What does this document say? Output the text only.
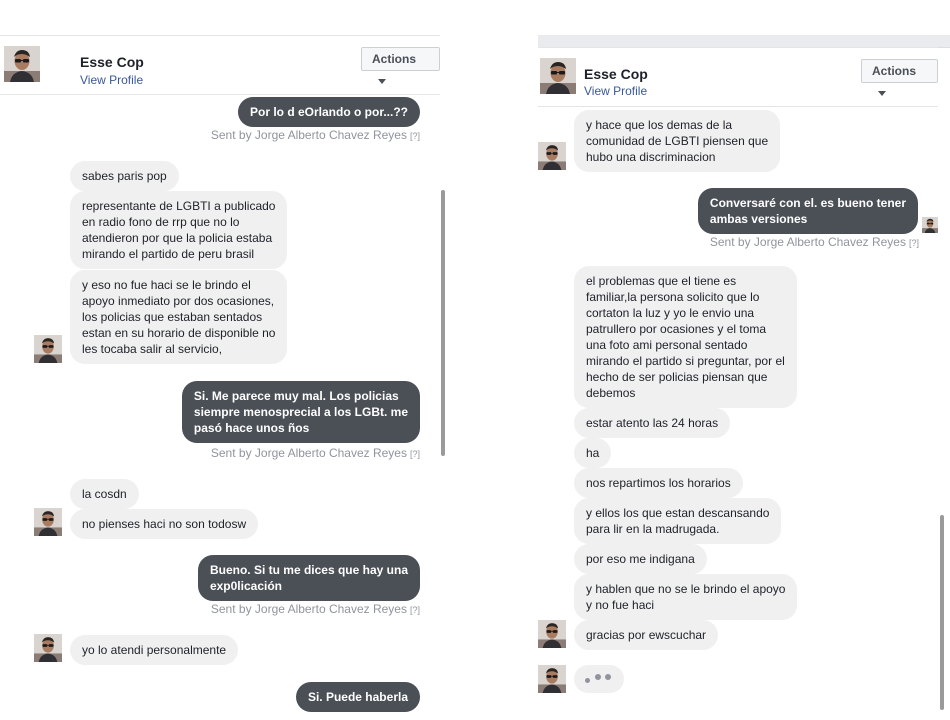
Esse Cop
View Profile
Actions
Por lo d eOrlando o por...??
Sent by Jorge Alberto Chavez Reyes [?]
sabes paris pop
representante de LGBTI a publicado
en radio fono de rrp que no lo
atendieron por que la policia estaba
mirando el partido de peru brasil
y eso no fue haci se le brindo el
apoyo inmediato por dos ocasiones,
los policias que estaban sentados
estan en su horario de disponible no
les tocaba salir al servicio,
Si. Me parece muy mal. Los policias
siempre menosprecial a los LGBt. me
pasó hace unos ños
Sent by Jorge Alberto Chavez Reyes [?]
la cosdn
no pienses haci no son todosw
Bueno. Si tu me dices que hay una
exp0licación
Sent by Jorge Alberto Chavez Reyes [?]
yo lo atendi personalmente
Si. Puede haberla
Esse Cop
View Profile
Actions
y hace que los demas de la
comunidad de LGBTI piensen que
hubo una discriminacion
Conversaré con el. es bueno tener
ambas versiones
Sent by Jorge Alberto Chavez Reyes [?]
el problemas que el tiene es
familiar,la persona solicito que lo
cortaton la luz y yo le envio una
patrullero por ocasiones y el toma
una foto ami personal sentado
mirando el partido si preguntar, por el
hecho de ser policias piensan que
debemos
estar atento las 24 horas
ha
nos repartimos los horarios
y ellos los que estan descansando
para lir en la madrugada.
por eso me indigana
y hablen que no se le brindo el apoyo
y no fue haci
gracias por ewscuchar
